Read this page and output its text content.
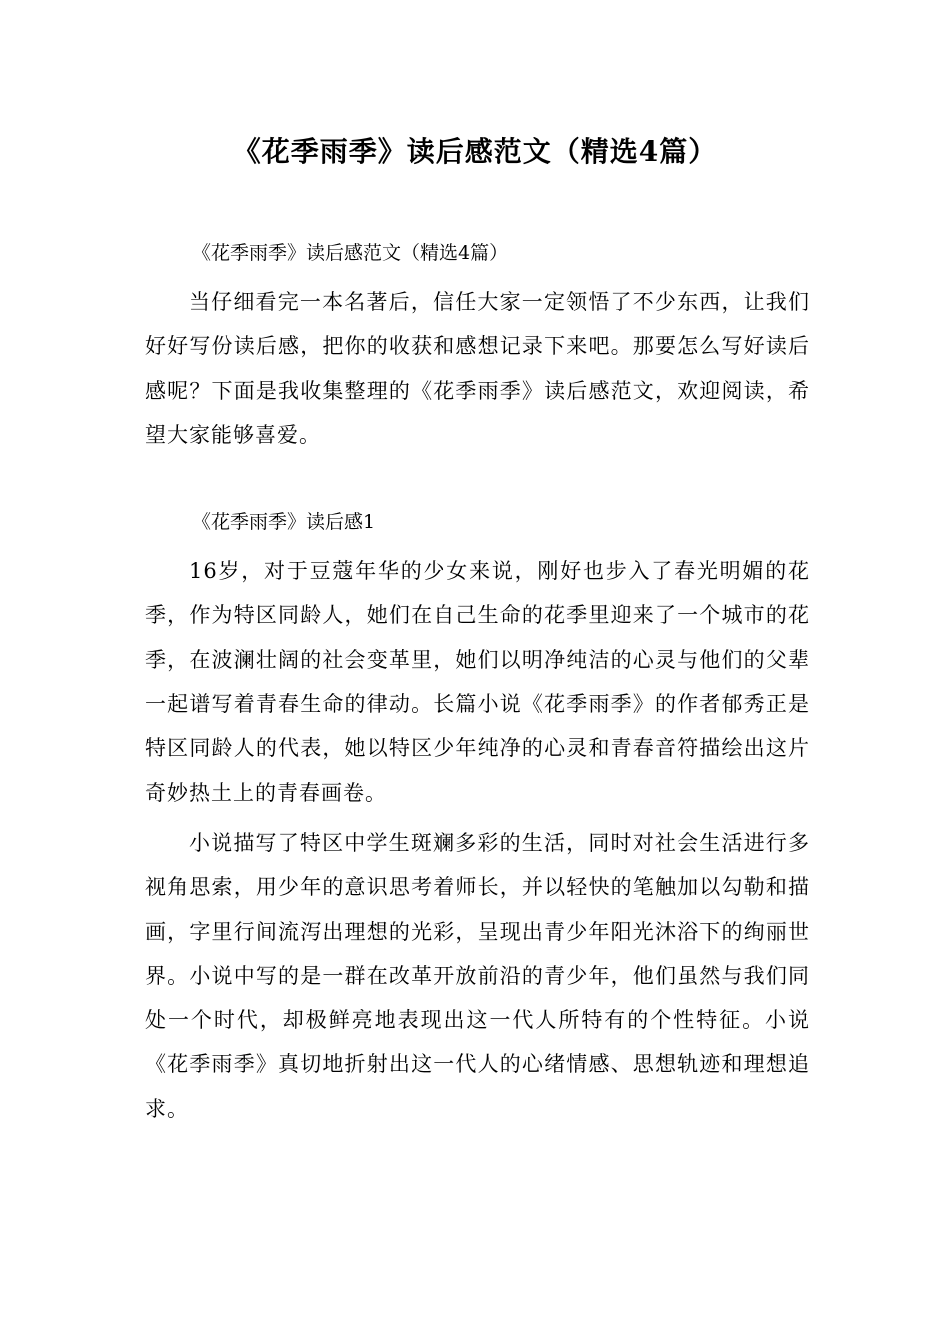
《花季雨季》读后感范文（精选4篇）

《花季雨季》读后感范文（精选4篇）

当仔细看完一本名著后，信任大家一定领悟了不少东西，让我们好好写份读后感，把你的收获和感想记录下来吧。那要怎么写好读后感呢？下面是我收集整理的《花季雨季》读后感范文，欢迎阅读，希望大家能够喜爱。

《花季雨季》读后感1

16岁，对于豆蔻年华的少女来说，刚好也步入了春光明媚的花季，作为特区同龄人，她们在自己生命的花季里迎来了一个城市的花季，在波澜壮阔的社会变革里，她们以明净纯洁的心灵与他们的父辈一起谱写着青春生命的律动。长篇小说《花季雨季》的作者郁秀正是特区同龄人的代表，她以特区少年纯净的心灵和青春音符描绘出这片奇妙热土上的青春画卷。

小说描写了特区中学生斑斓多彩的生活，同时对社会生活进行多视角思索，用少年的意识思考着师长，并以轻快的笔触加以勾勒和描画，字里行间流泻出理想的光彩，呈现出青少年阳光沐浴下的绚丽世界。小说中写的是一群在改革开放前沿的青少年，他们虽然与我们同处一个时代，却极鲜亮地表现出这一代人所特有的个性特征。小说《花季雨季》真切地折射出这一代人的心绪情感、思想轨迹和理想追求。
